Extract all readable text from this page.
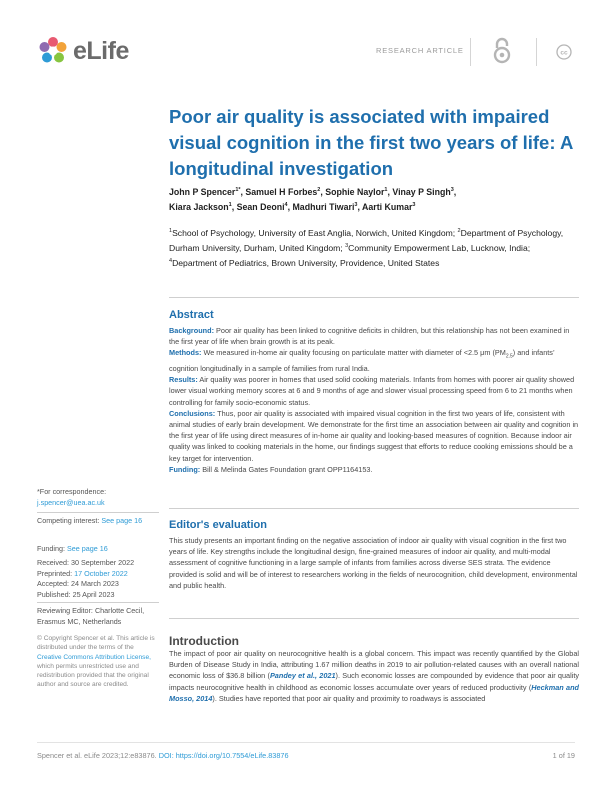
eLife	RESEARCH ARTICLE	cc
Poor air quality is associated with impaired visual cognition in the first two years of life: A longitudinal investigation
John P Spencer$^{1*}$, Samuel H Forbes$^2$, Sophie Naylor$^1$, Vinay P Singh$^3$,
Kiara Jackson$^1$, Sean Deoni$^4$, Madhuri Tiwari$^3$, Aarti Kumar$^3$
$^1$School of Psychology, University of East Anglia, Norwich, United Kingdom; $^2$Department of Psychology, Durham University, Durham, United Kingdom; $^3$Community Empowerment Lab, Lucknow, India; $^4$Department of Pediatrics, Brown University, Providence, United States
Abstract

Background: Poor air quality has been linked to cognitive deficits in children, but this relationship has not been examined in the first year of life when brain growth is at its peak.

Methods: We measured in-home air quality focusing on particulate matter with diameter of <2.5 μm $(PM_{2.5})$ and infants’ cognition longitudinally in a sample of families from rural India.

Results: Air quality was poorer in homes that used solid cooking materials. Infants from homes with poorer air quality showed lower visual working memory scores at 6 and 9 months of age and slower visual processing speed from 6 to 21 months when controlling for family socio-economic status.

Conclusions: Thus, poor air quality is associated with impaired visual cognition in the first two years of life, consistent with animal studies of early brain development. We demonstrate for the first time an association between air quality and cognition in the first year of life using direct measures of in-home air quality and looking-based measures of cognition. Because indoor air quality was linked to cooking materials in the home, our findings suggest that efforts to reduce cooking emissions should be a key target for intervention.

Funding: Bill & Melinda Gates Foundation grant OPP1164153.

*For correspondence:

j.spencer@uea.ac.uk

Competing interest: See page 16
Funding: See page 16

Received: 30 September 2022

Preprinted: 17 October 2022

Accepted: 24 March 2023

Published: 25 April 2023

Reviewing Editor: Charlotte Cecil, Erasmus MC, Netherlands
© Copyright Spencer et al. This article is distributed under the terms of the Creative Commons Attribution License, which permits unrestricted use and redistribution provided that the original author and source are credited.
Editor's evaluation
This study presents an important finding on the negative association of indoor air quality with visual cognition in the first two years of life. Key strengths include the longitudinal design, fine-grained measures of indoor air quality, and multi-modal assessment of cognitive functioning in a large sample of infants from families across diverse SES strata. The evidence provided is solid and will be of interest to researchers working in the fields of neurocognition, child development, environmental and public health.
Introduction
The impact of poor air quality on neurocognitive health is a global concern. This impact was recently quantified by the Global Burden of Disease Study in India, attributing 1.67 million deaths in 2019 to air pollution-related causes with an overall national economic loss of $36.8 billion (Pandey et al., 2021). Such economic losses are compounded by evidence that poor air quality impacts neurocognitive health in childhood as economic losses accumulate over years of reduced productivity (Heckman and Mosso, 2014). Studies have reported that poor air quality and proximity to roadways is associated
Spencer et al. eLife 2023;12:e83876. DOI: https://doi.org/10.7554/eLife.83876	1 of 19
